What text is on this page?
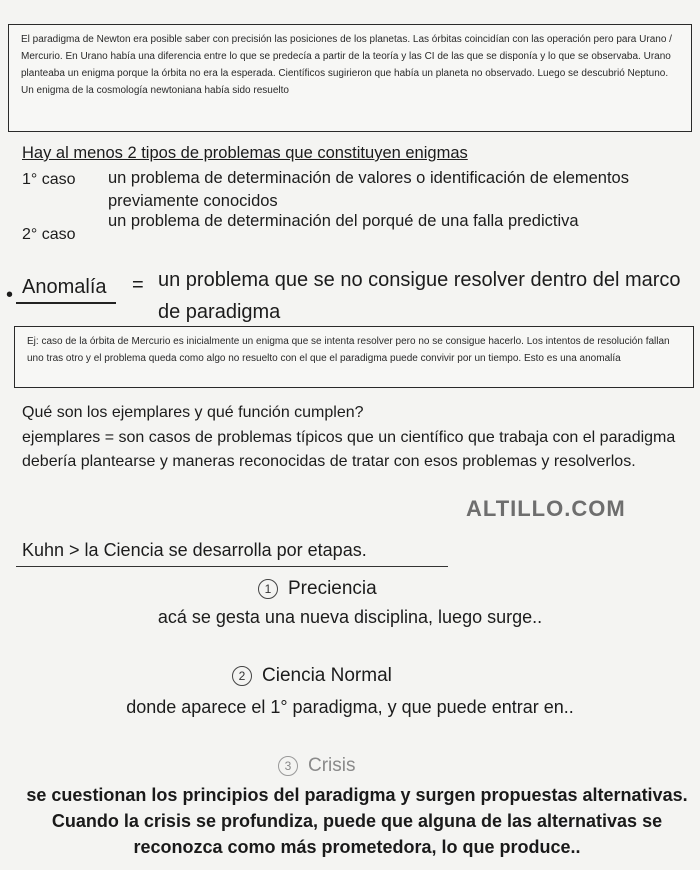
El paradigma de Newton era posible saber con precisión las posiciones de los planetas. Las órbitas coincidían con las operación pero para Urano / Mercurio. En Urano había una diferencia entre lo que se predecía a partir de la teoría y las CI de las que se disponía y lo que se observaba. Urano planteaba un enigma porque la órbita no era la esperada. Científicos sugirieron que había un planeta no observado. Luego se descubrió Neptuno. Un enigma de la cosmología newtoniana había sido resuelto

Hay al menos 2 tipos de problemas que constituyen enigmas
1° caso un problema de determinación de valores o identificación de elementos previamente conocidos
2° caso
un problema de determinación del porqué de una falla predictiva
• Anomalía = un problema que se no consigue resolver dentro del marco de paradigma

Ej: caso de la órbita de Mercurio es inicialmente un enigma que se intenta resolver pero no se consigue hacerlo. Los intentos de resolución fallan uno tras otro y el problema queda como algo no resuelto con el que el paradigma puede convivir por un tiempo. Esto es una anomalía

Qué son los ejemplares y qué función cumplen?
ejemplares = son casos de problemas típicos que un científico que trabaja con el paradigma debería plantearse y maneras reconocidas de tratar con esos problemas y resolverlos.
ALTILLO.COM
Kuhn > la Ciencia se desarrolla por etapas.
1 Preciencia
acá se gesta una nueva disciplina, luego surge..
2 Ciencia Normal
donde aparece el 1° paradigma, y que puede entrar en..
3 Crisis
se cuestionan los principios del paradigma y surgen propuestas alternativas. Cuando la crisis se profundiza, puede que alguna de las alternativas se reconozca como más prometedora, lo que produce..
